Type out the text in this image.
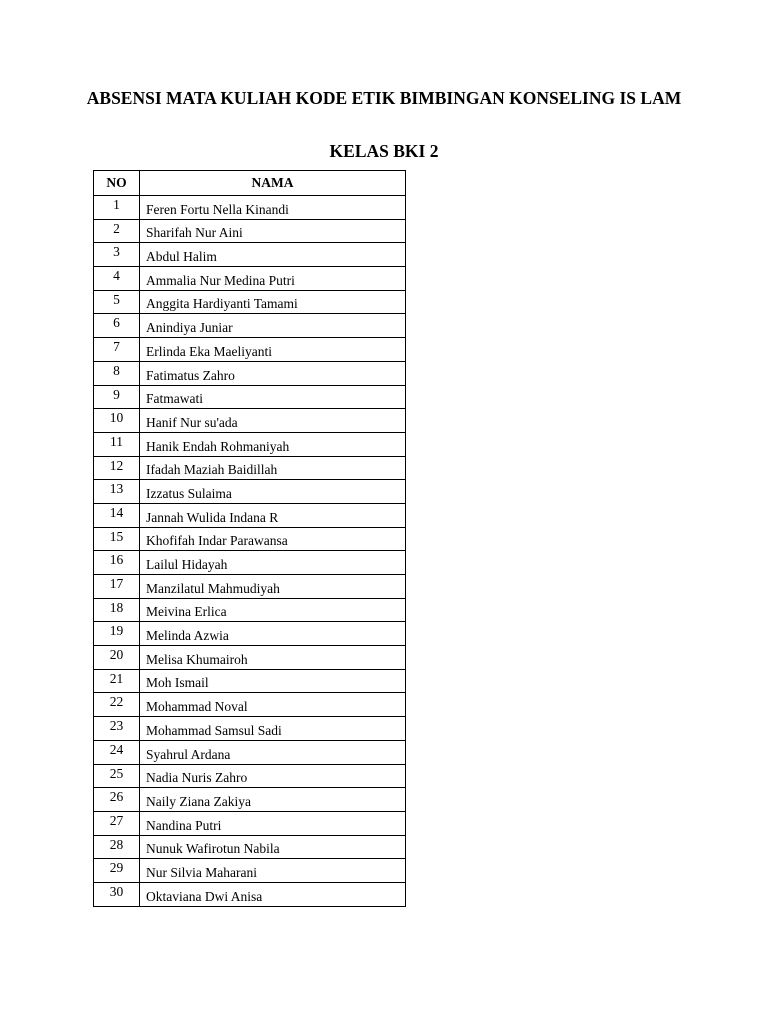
ABSENSI MATA KULIAH KODE ETIK BIMBINGAN KONSELING IS LAM
KELAS BKI 2
NO	NAMA
1	Feren Fortu Nella Kinandi
2	Sharifah Nur Aini
3	Abdul Halim
4	Ammalia Nur Medina Putri
5	Anggita Hardiyanti Tamami
6	Anindiya Juniar
7	Erlinda Eka Maeliyanti
8	Fatimatus Zahro
9	Fatmawati
10	Hanif Nur su'ada
11	Hanik Endah Rohmaniyah
12	Ifadah Maziah Baidillah
13	Izzatus Sulaima
14	Jannah Wulida Indana R
15	Khofifah Indar Parawansa
16	Lailul Hidayah
17	Manzilatul Mahmudiyah
18	Meivina Erlica
19	Melinda Azwia
20	Melisa Khumairoh
21	Moh Ismail
22	Mohammad Noval
23	Mohammad Samsul Sadi
24	Syahrul Ardana
25	Nadia Nuris Zahro
26	Naily Ziana Zakiya
27	Nandina Putri
28	Nunuk Wafirotun Nabila
29	Nur Silvia Maharani
30	Oktaviana Dwi Anisa
